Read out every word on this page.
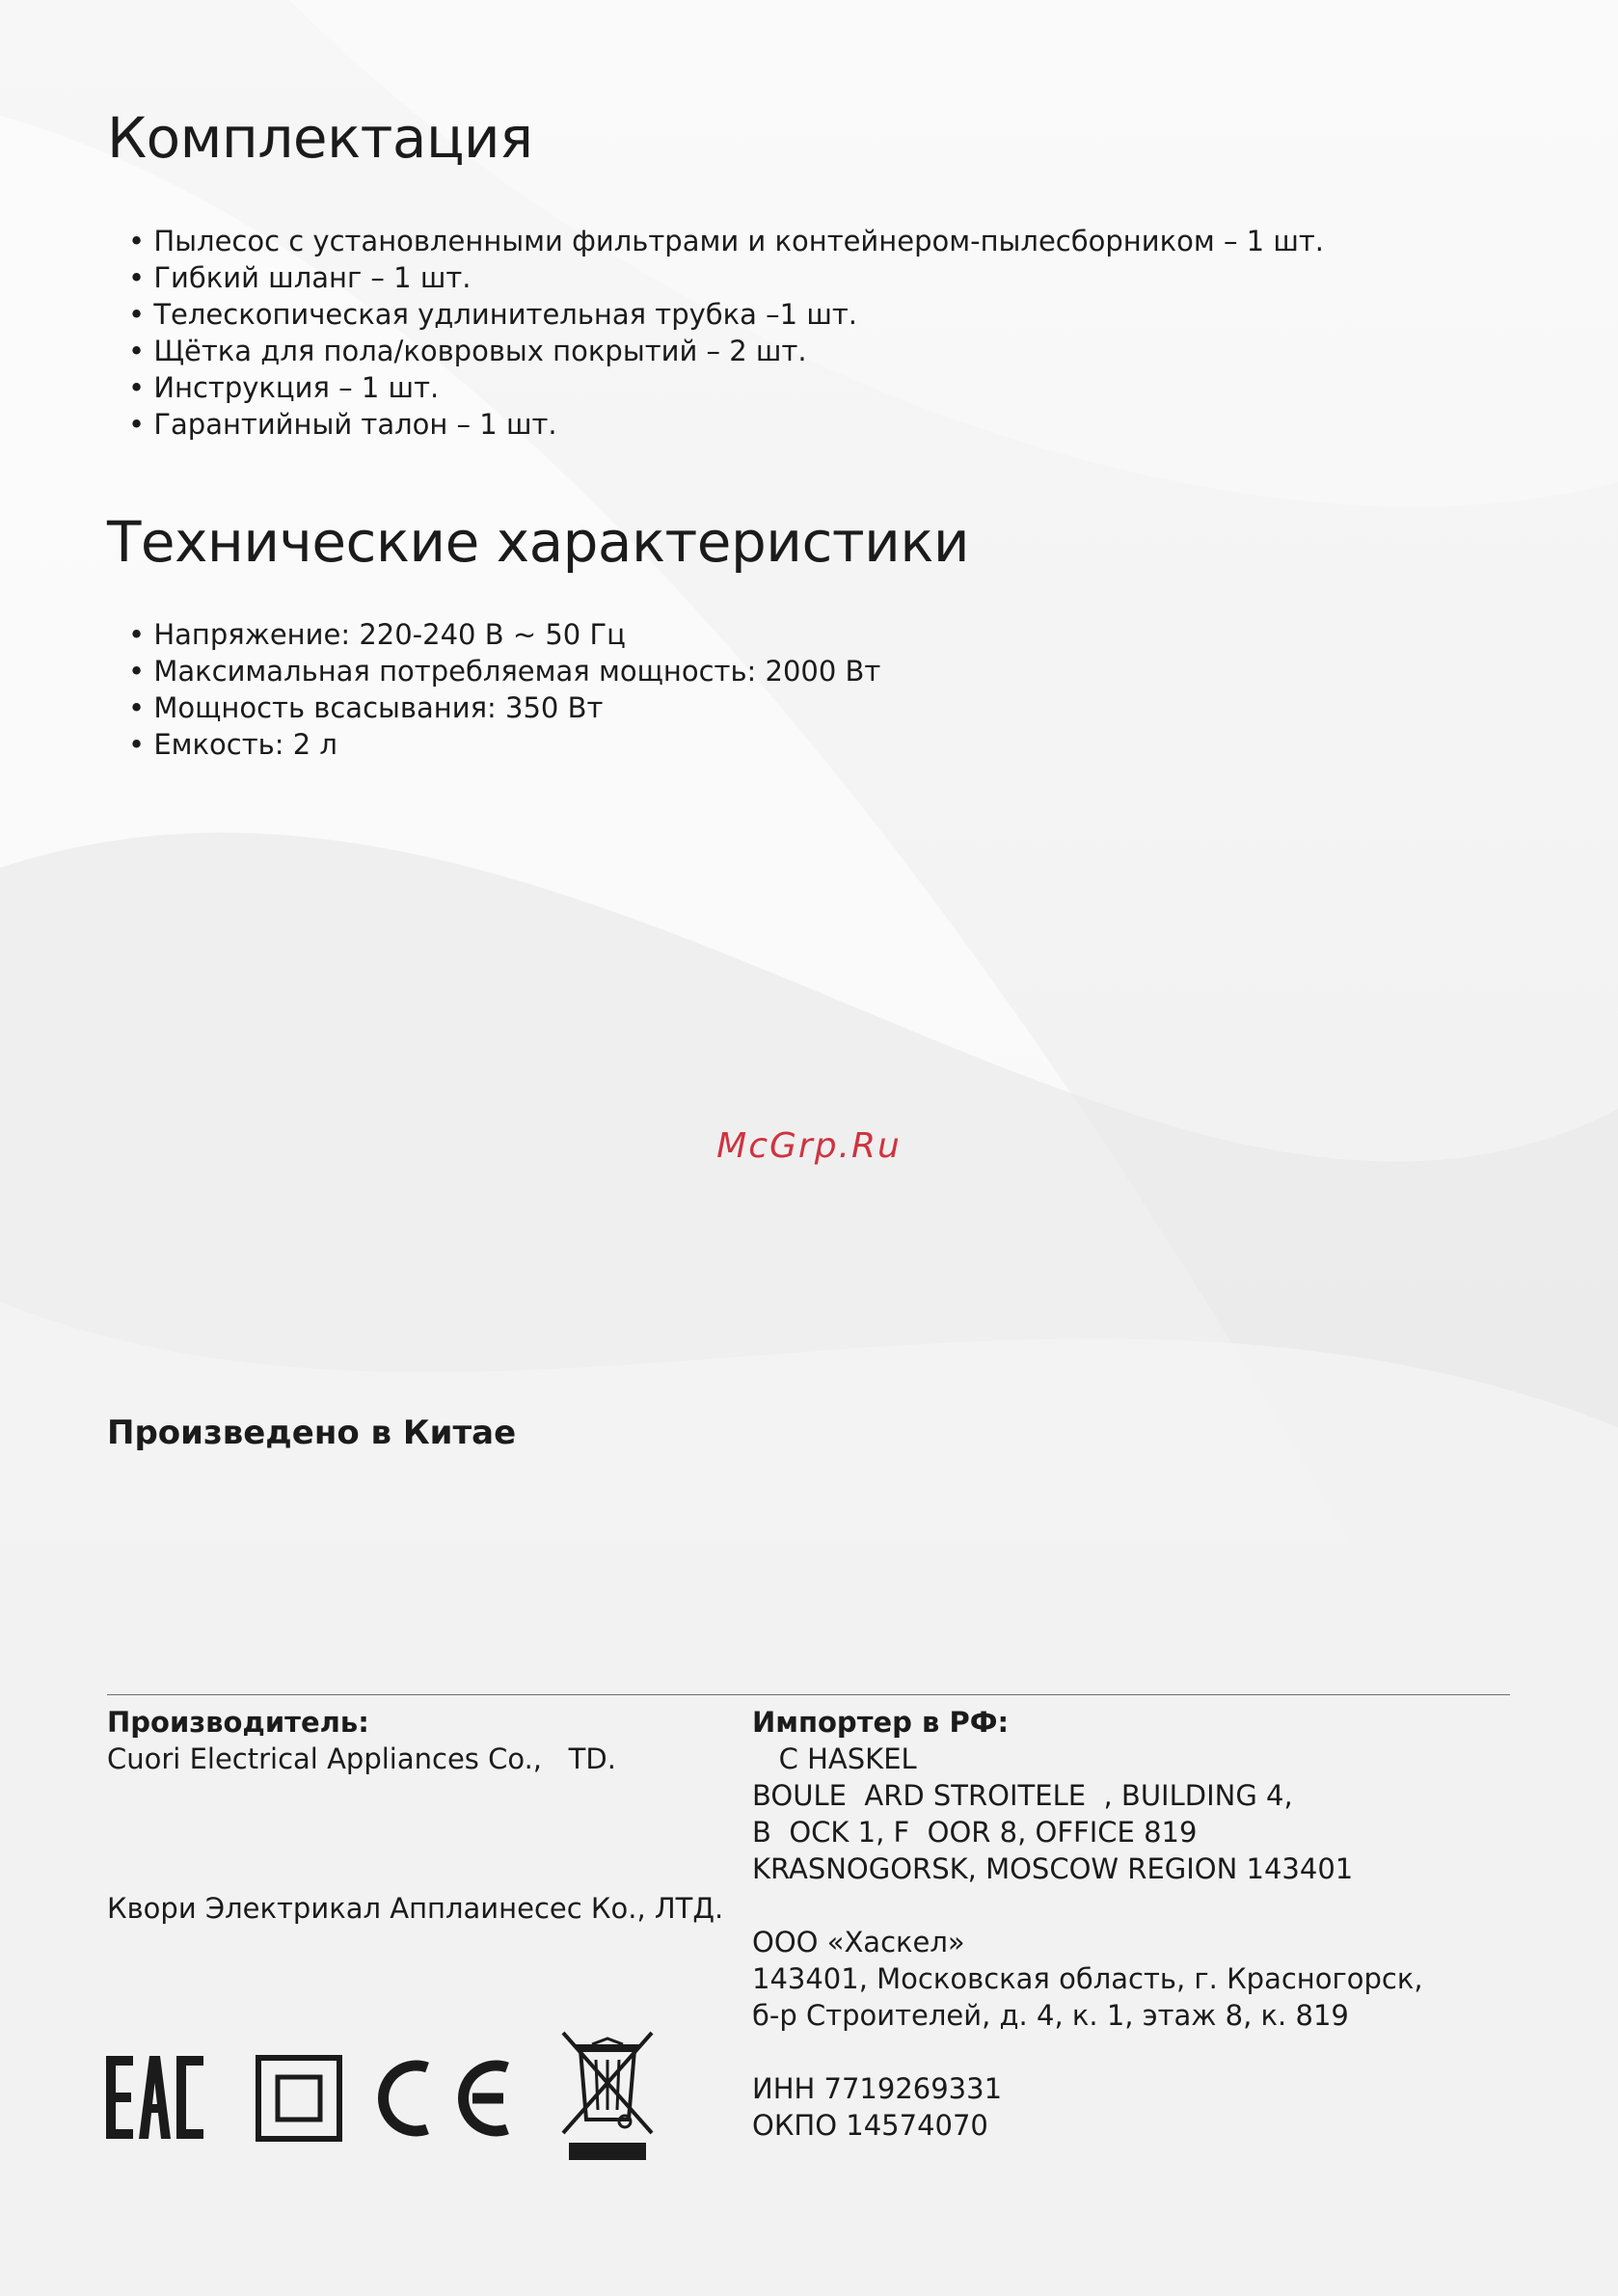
Комплектация
• Пылесос с установленными фильтрами и контейнером-пылесборником – 1 шт.
• Гибкий шланг – 1 шт.
• Телескопическая удлинительная трубка –1 шт.
• Щётка для пола/ковровых покрытий – 2 шт.
• Инструкция – 1 шт.
• Гарантийный талон – 1 шт.
Технические характеристики
• Напряжение: 220-240 В ~ 50 Гц
• Максимальная потребляемая мощность: 2000 Вт
• Мощность всасывания: 350 Вт
• Емкость: 2 л
McGrp.Ru
Произведено в Китае
Производитель:
Cuori Electrical Appliances Co.,   TD.
Квори Электрикал Апплаинесес Ко., ЛТД.
Импортер в РФ:
C HASKEL
BOULE  ARD STROITELE  , BUILDING 4,
B  OCK 1, F  OOR 8, OFFICE 819
KRASNOGORSK, MOSCOW REGION 143401
ООО «Хаскел»
143401, Московская область, г. Красногорск,
б-р Строителей, д. 4, к. 1, этаж 8, к. 819
ИНН 7719269331
ОКПО 14574070
